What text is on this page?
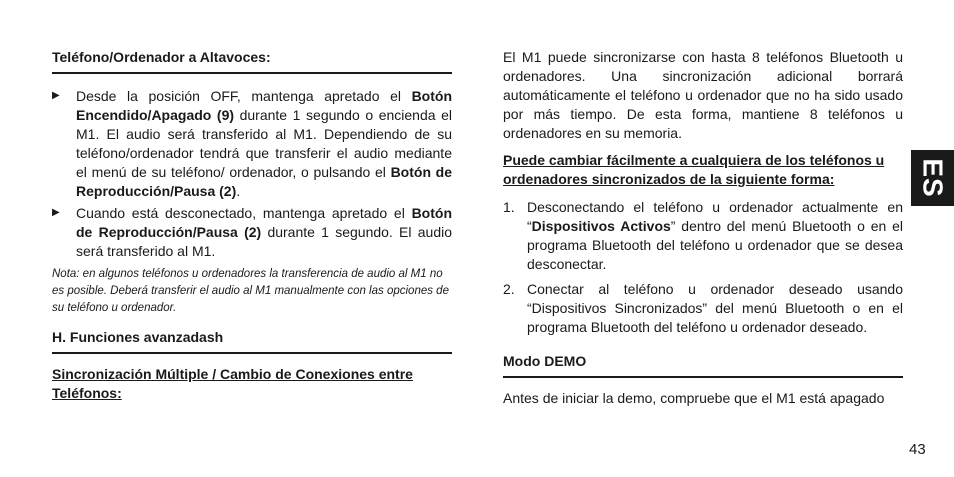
Teléfono/Ordenador a Altavoces:
▶ Desde la posición OFF, mantenga apretado el Botón Encendido/Apagado (9) durante 1 segundo o encienda el M1. El audio será transferido al M1. Dependiendo de su teléfono/ordenador tendrá que transferir el audio mediante el menú de su teléfono/ ordenador, o pulsando el Botón de Reproducción/Pausa (2).
▶ Cuando está desconectado, mantenga apretado el Botón de Reproducción/Pausa (2) durante 1 segundo. El audio será transferido al M1.

Nota: en algunos teléfonos u ordenadores la transferencia de audio al M1 no es posible. Deberá transferir el audio al M1 manualmente con las opciones de su teléfono u ordenador.

H. Funciones avanzadash

Sincronización Múltiple / Cambio de Conexiones entre Teléfonos:

El M1 puede sincronizarse con hasta 8 teléfonos Bluetooth u ordenadores. Una sincronización adicional borrará automáticamente el teléfono u ordenador que no ha sido usado por más tiempo. De esta forma, mantiene 8 teléfonos u ordenadores en su memoria.

Puede cambiar fácilmente a cualquiera de los teléfonos u ordenadores sincronizados de la siguiente forma:

1. Desconectando el teléfono u ordenador actualmente en “Dispositivos Activos” dentro del menú Bluetooth o en el programa Bluetooth del teléfono u ordenador que se desea desconectar.
2. Conectar al teléfono u ordenador deseado usando “Dispositivos Sincronizados” del menú Bluetooth o en el programa Bluetooth del teléfono u ordenador deseado.
Modo DEMO

Antes de iniciar la demo, compruebe que el M1 está apagado

ES
43
